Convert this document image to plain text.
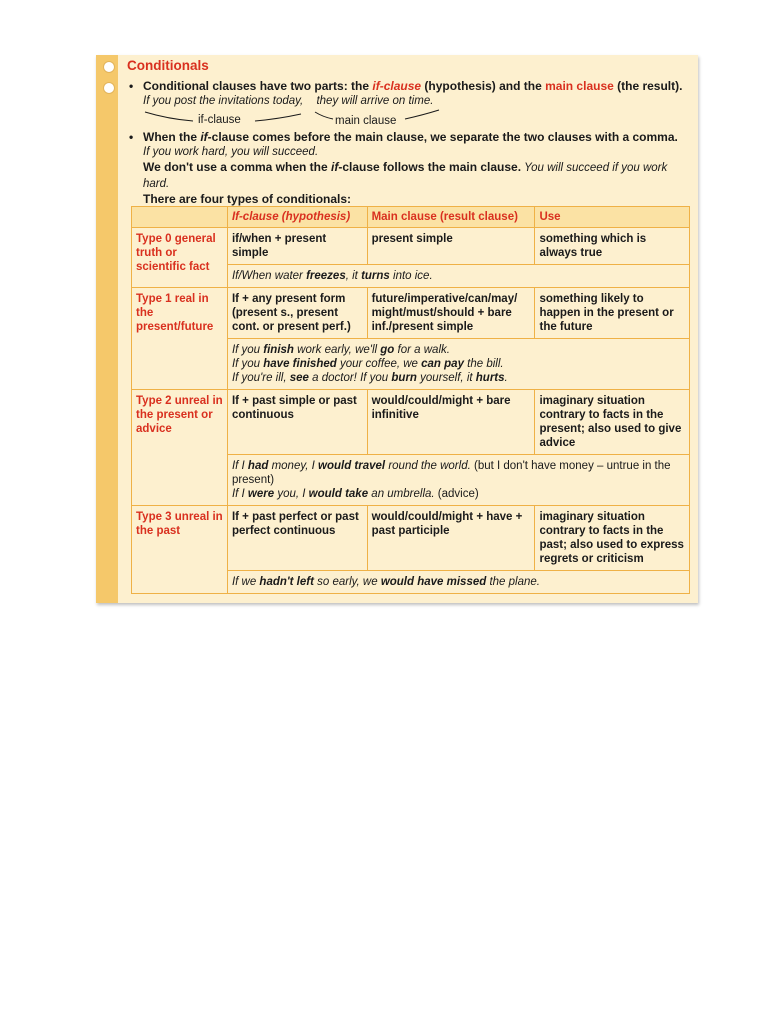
Conditionals
• Conditional clauses have two parts: the if-clause (hypothesis) and the main clause (the result).
If you post the invitations today, they will arrive on time.
if-clause	main clause
• When the if-clause comes before the main clause, we separate the two clauses with a comma.
If you work hard, you will succeed.
We don't use a comma when the if-clause follows the main clause. You will succeed if you work hard.
There are four types of conditionals:
	If-clause (hypothesis)	Main clause (result clause)	Use
Type 0 general truth or scientific fact	if/when + present simple	present simple	something which is always true
	If/When water freezes, it turns into ice.		
Type 1 real in the present/future	If + any present form (present s., present cont. or present perf.)	future/imperative/can/may/ might/must/should + bare inf./present simple	something likely to happen in the present or the future

	If you finish work early, we'll go for a walk.
If you have finished your coffee, we can pay the bill.
If you're ill, see a doctor! If you burn yourself, it hurts.		

Type 2 unreal in the present or advice	If + past simple or past continuous	would/could/might + bare infinitive	imaginary situation contrary to facts in the present; also used to give advice

	If I had money, I would travel round the world. (but I don't have money – untrue in the present)
If I were you, I would take an umbrella. (advice)		

Type 3 unreal in the past	If + past perfect or past perfect continuous	would/could/might + have + past participle	imaginary situation contrary to facts in the past; also used to express regrets or criticism
	If we hadn't left so early, we would have missed the plane.		
